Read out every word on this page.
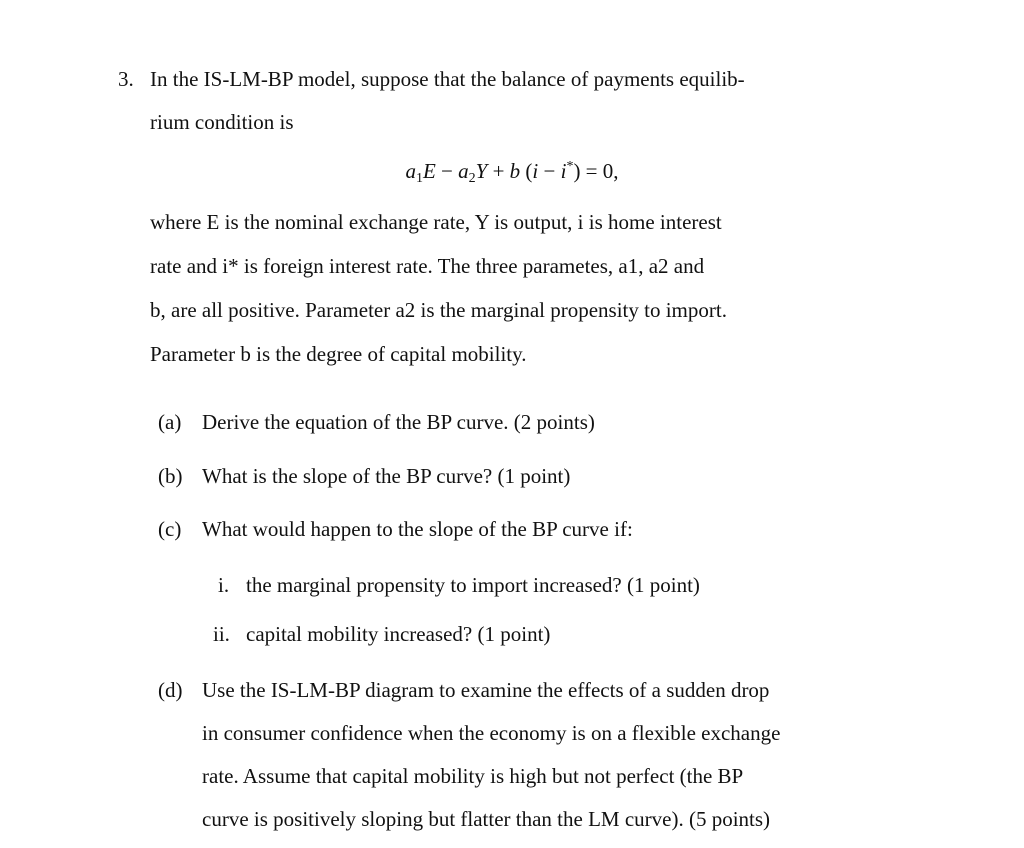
3. In the IS-LM-BP model, suppose that the balance of payments equilib-
rium condition is
$a_1E - a_2Y + b$ (i − i*) = 0,
where E is the nominal exchange rate, Y is output, i is home interest
rate and i* is foreign interest rate. The three parametes, a1, a2 and
b, are all positive. Parameter a2 is the marginal propensity to import.
Parameter b is the degree of capital mobility.
(a) Derive the equation of the BP curve. (2 points)
(b) What is the slope of the BP curve? (1 point)
(c) What would happen to the slope of the BP curve if:
i. the marginal propensity to import increased? (1 point)
ii. capital mobility increased? (1 point)
(d) Use the IS-LM-BP diagram to examine the effects of a sudden drop
in consumer confidence when the economy is on a flexible exchange
rate. Assume that capital mobility is high but not perfect (the BP
curve is positively sloping but flatter than the LM curve). (5 points)
